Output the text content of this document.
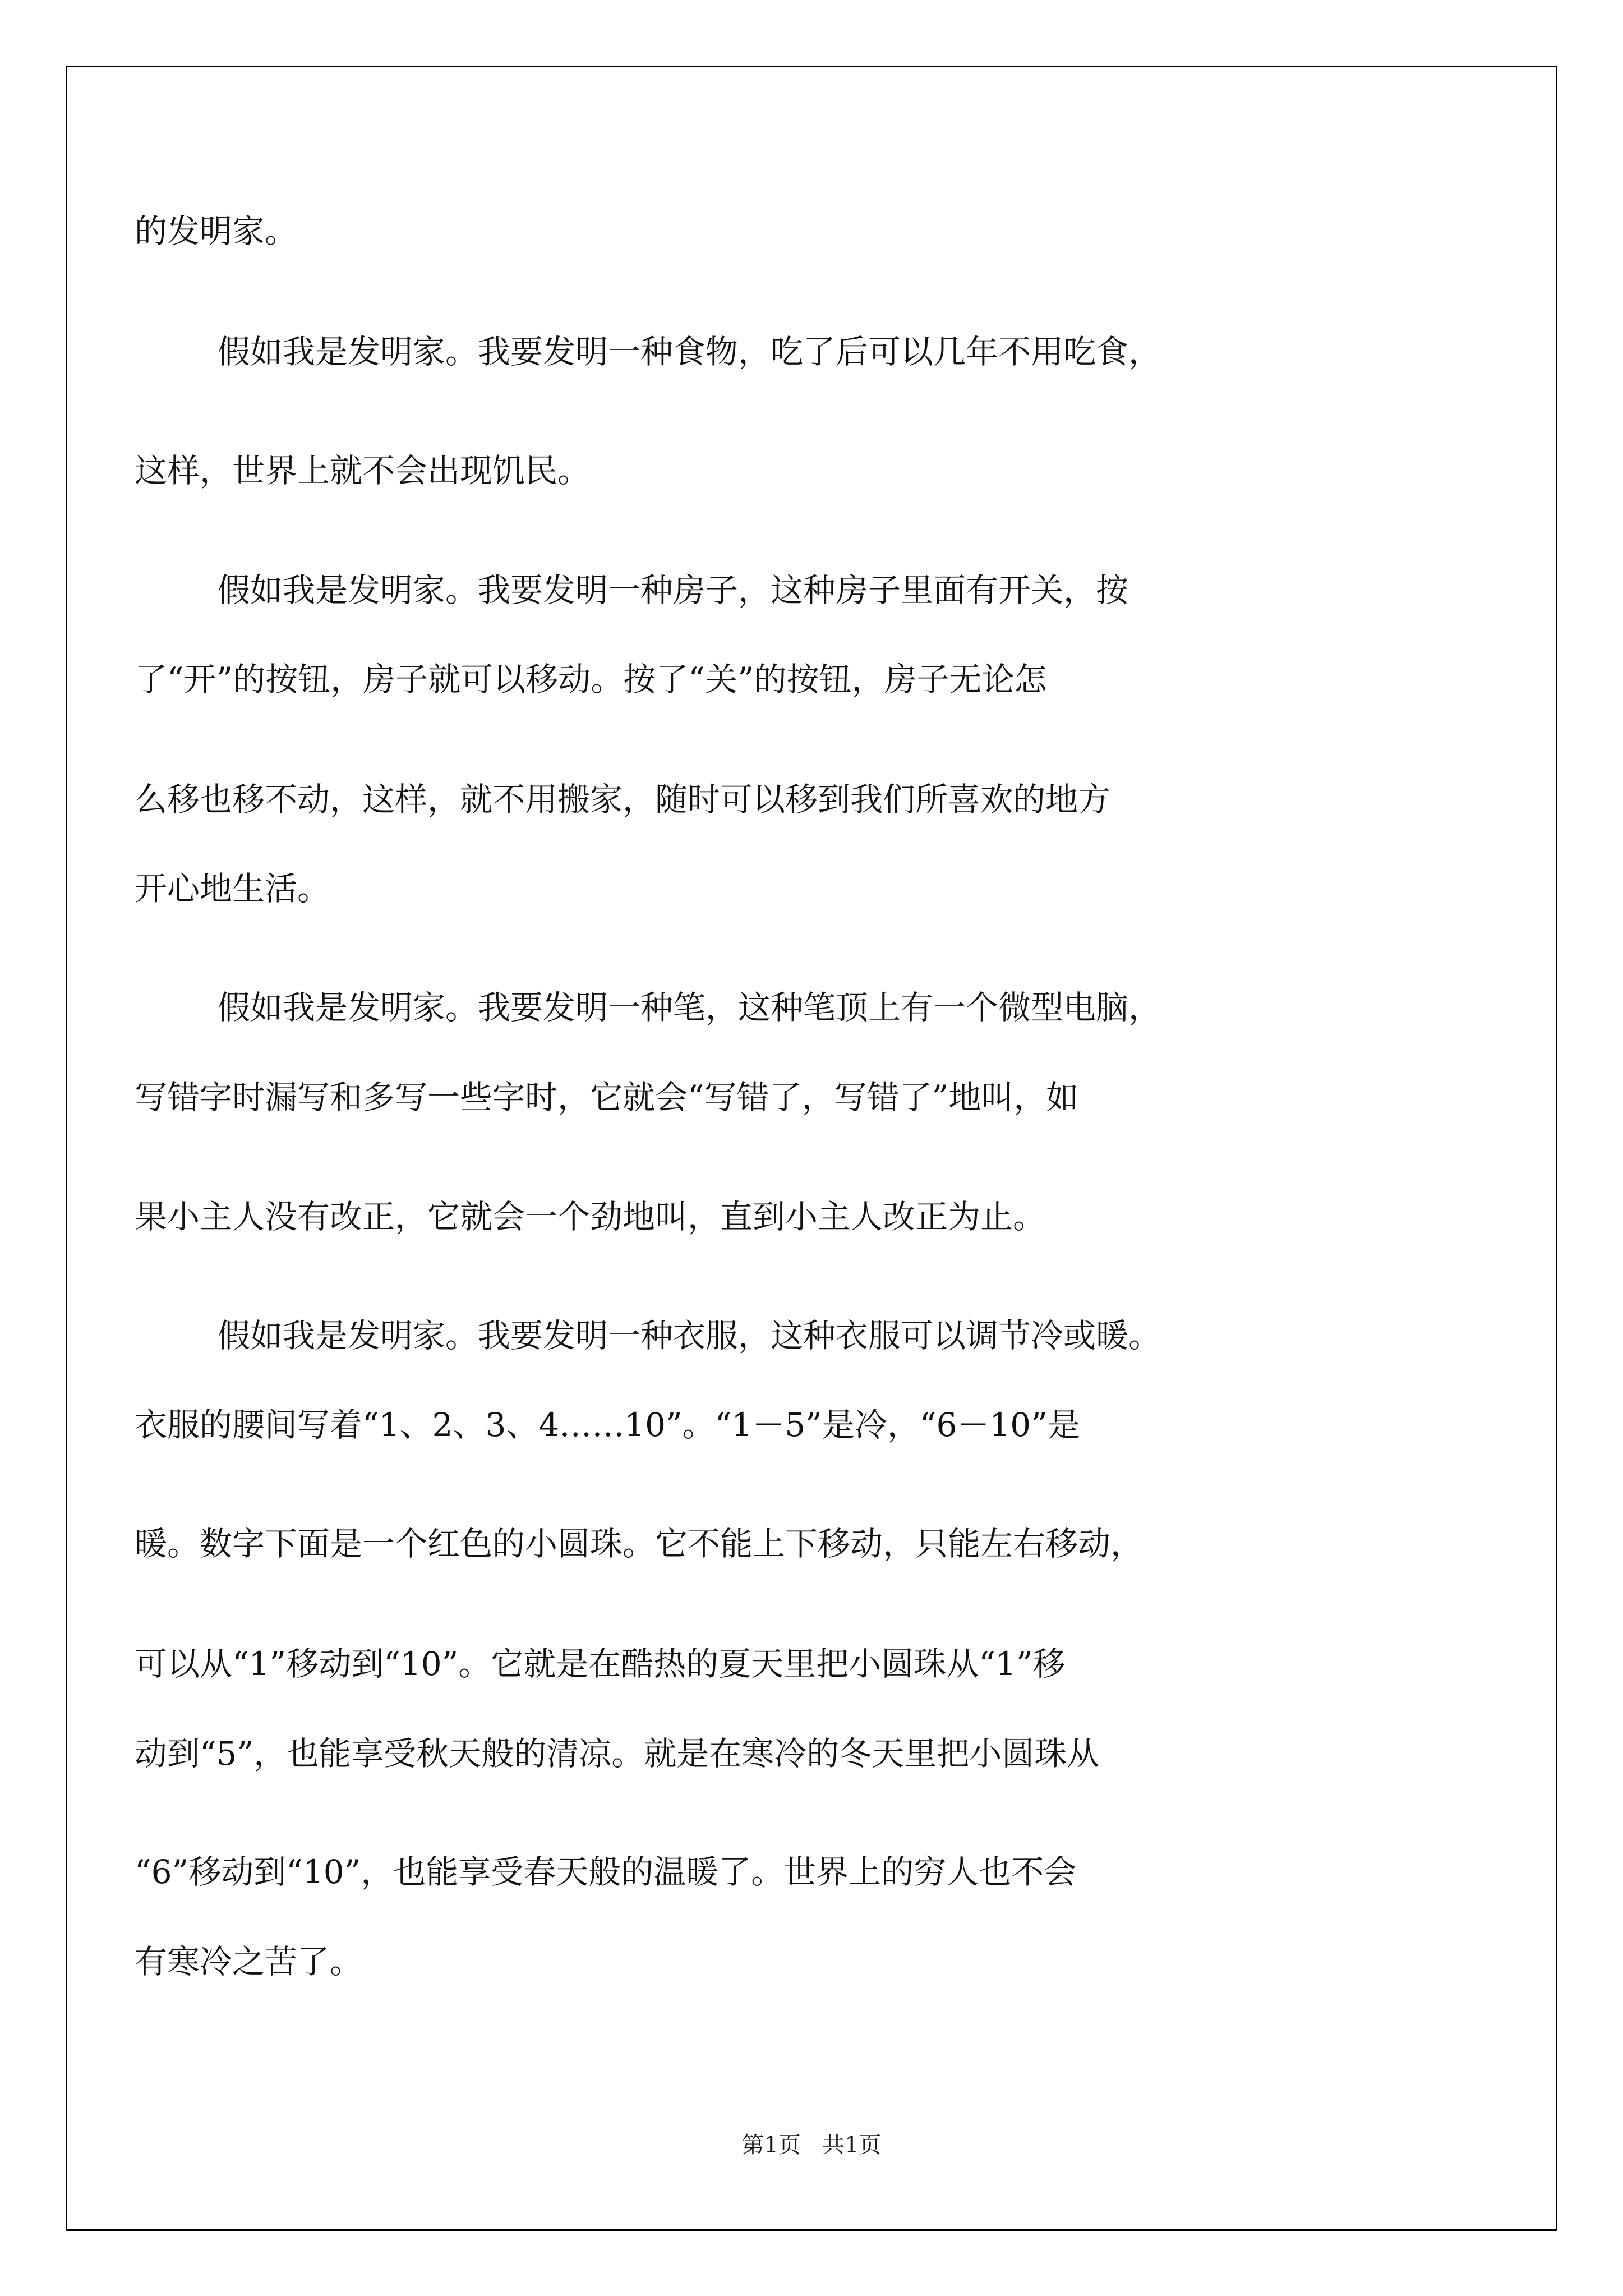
的发明家。
假如我是发明家。我要发明一种食物，吃了后可以几年不用吃食，
这样，世界上就不会出现饥民。
假如我是发明家。我要发明一种房子，这种房子里面有开关，按
了“开”的按钮，房子就可以移动。按了“关”的按钮，房子无论怎
么移也移不动，这样，就不用搬家，随时可以移到我们所喜欢的地方
开心地生活。
假如我是发明家。我要发明一种笔，这种笔顶上有一个微型电脑，
写错字时漏写和多写一些字时，它就会“写错了，写错了”地叫，如
果小主人没有改正，它就会一个劲地叫，直到小主人改正为止。
假如我是发明家。我要发明一种衣服，这种衣服可以调节冷或暖。
衣服的腰间写着“1、2、3、4……10”。“1－5”是冷，“6－10”是
暖。数字下面是一个红色的小圆珠。它不能上下移动，只能左右移动，
可以从“1”移动到“10”。它就是在酷热的夏天里把小圆珠从“1”移
动到“5”，也能享受秋天般的清凉。就是在寒冷的冬天里把小圆珠从
“6”移动到“10”，也能享受春天般的温暖了。世界上的穷人也不会
有寒冷之苦了。
第1页   共1页
